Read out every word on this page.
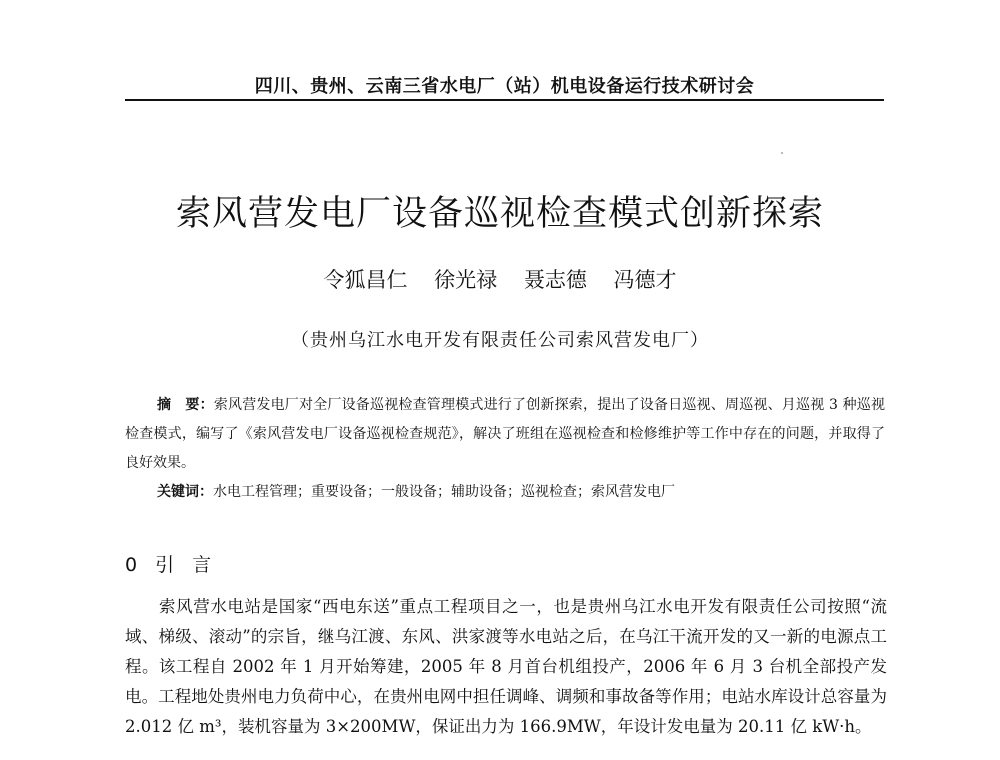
四川、贵州、云南三省水电厂（站）机电设备运行技术研讨会
索风营发电厂设备巡视检查模式创新探索
令狐昌仁 徐光禄 聂志德 冯德才
（贵州乌江水电开发有限责任公司索风营发电厂）
摘　要：索风营发电厂对全厂设备巡视检查管理模式进行了创新探索，提出了设备日巡视、周巡视、月巡视 3 种巡视检查模式，编写了《索风营发电厂设备巡视检查规范》，解决了班组在巡视检查和检修维护等工作中存在的问题，并取得了良好效果。
关键词：水电工程管理；重要设备；一般设备；辅助设备；巡视检查；索风营发电厂
0 引言
索风营水电站是国家“西电东送”重点工程项目之一，也是贵州乌江水电开发有限责任公司按照“流域、梯级、滚动”的宗旨，继乌江渡、东风、洪家渡等水电站之后，在乌江干流开发的又一新的电源点工程。该工程自 2002 年 1 月开始筹建，2005 年 8 月首台机组投产，2006 年 6 月 3 台机全部投产发电。工程地处贵州电力负荷中心，在贵州电网中担任调峰、调频和事故备等作用；电站水库设计总容量为 2.012 亿 m³，装机容量为 3×200MW，保证出力为 166.9MW，年设计发电量为 20.11 亿 kW·h。
